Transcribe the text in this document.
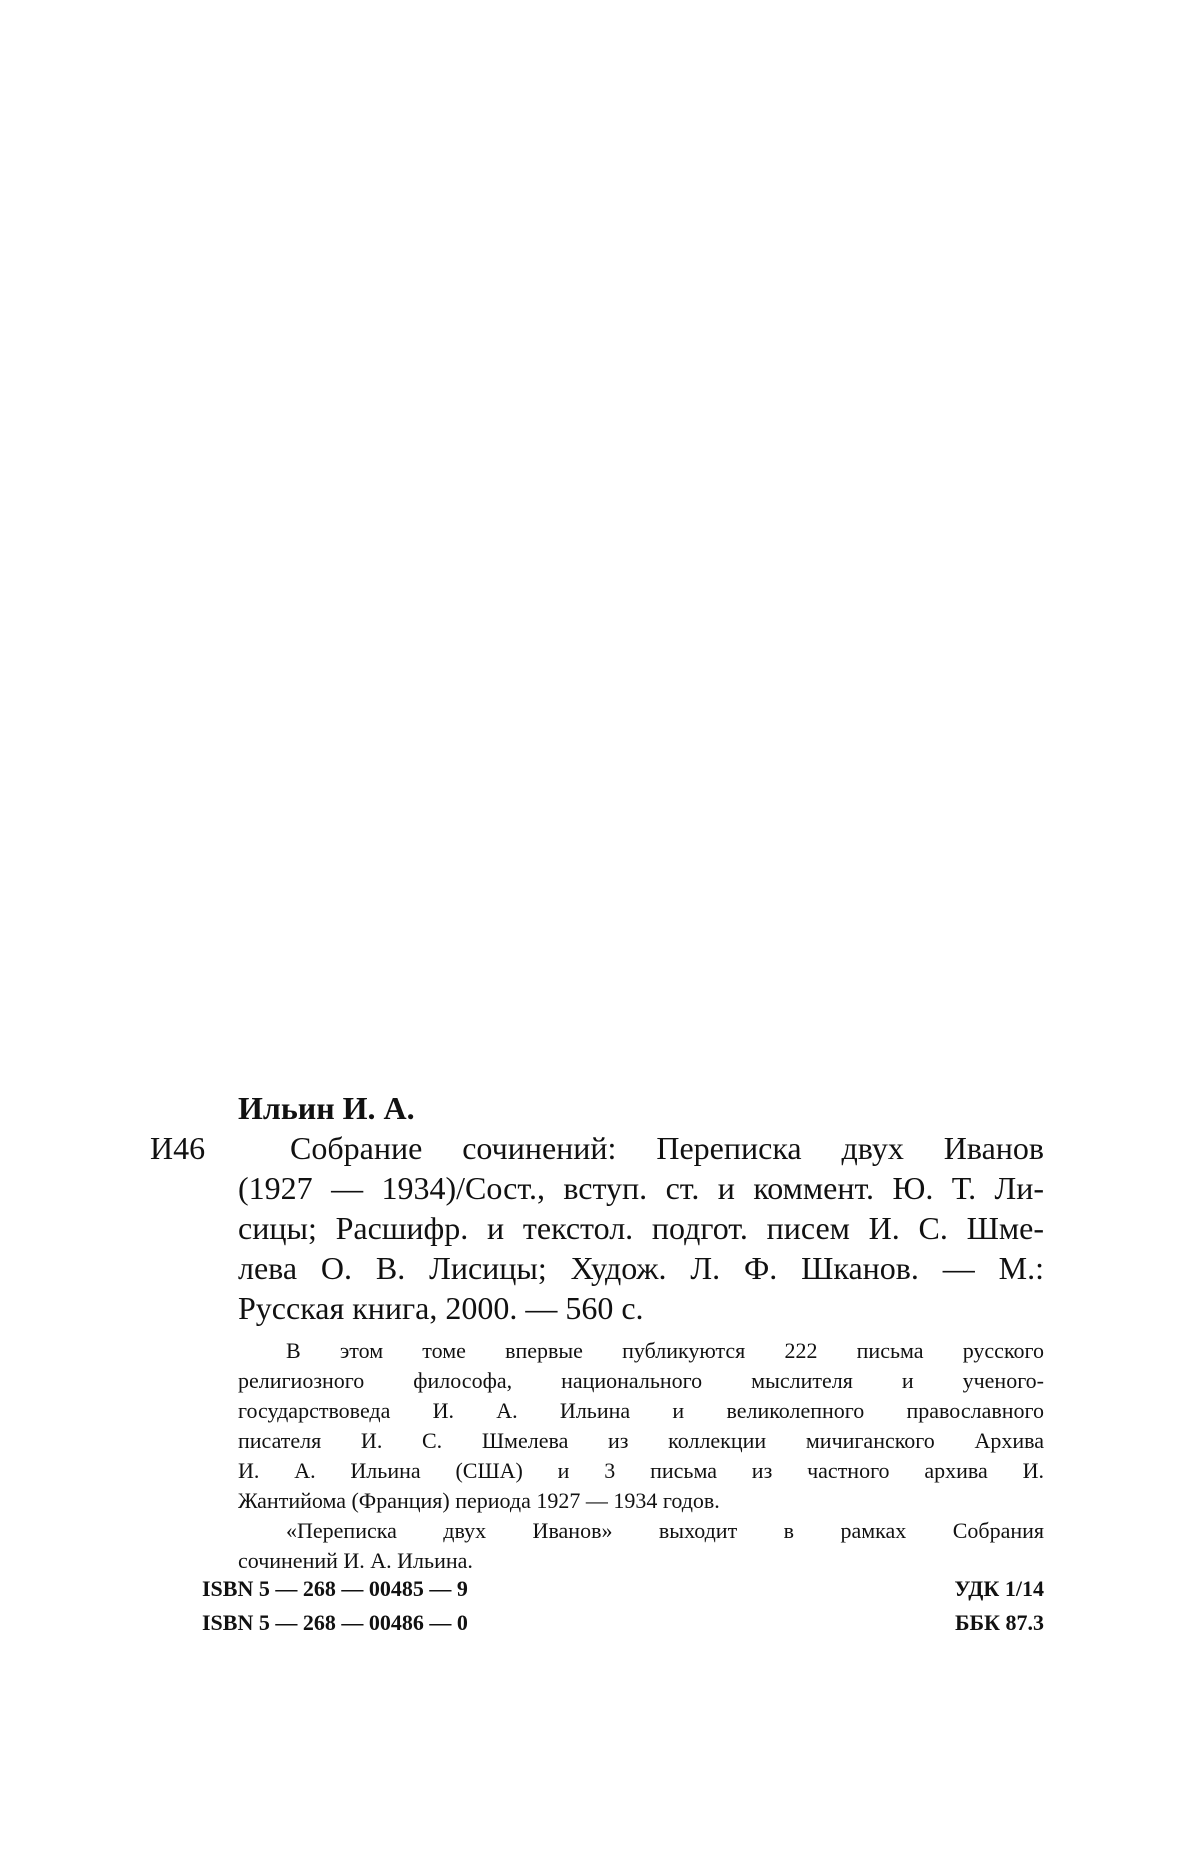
Ильин И. А.
И46	Собрание сочинений: Переписка двух Иванов
(1927 — 1934)/Сост., вступ. ст. и коммент. Ю. Т. Ли-
сицы; Расшифр. и текстол. подгот. писем И. С. Шме-
лева О. В. Лисицы; Худож. Л. Ф. Шканов. — М.:
Русская книга, 2000. — 560 с.
В этом томе впервые публикуются 222 письма русского
религиозного философа, национального мыслителя и ученого-
государствоведа И. А. Ильина и великолепного православного
писателя И. С. Шмелева из коллекции мичиганского Архива
И. А. Ильина (США) и 3 письма из частного архива И.
Жантийома (Франция) периода 1927 — 1934 годов.
«Переписка двух Иванов» выходит в рамках Собрания
сочинений И. А. Ильина.
ISBN 5 — 268 — 00485 — 9	УДК 1/14
ISBN 5 — 268 — 00486 — 0	ББК 87.3
